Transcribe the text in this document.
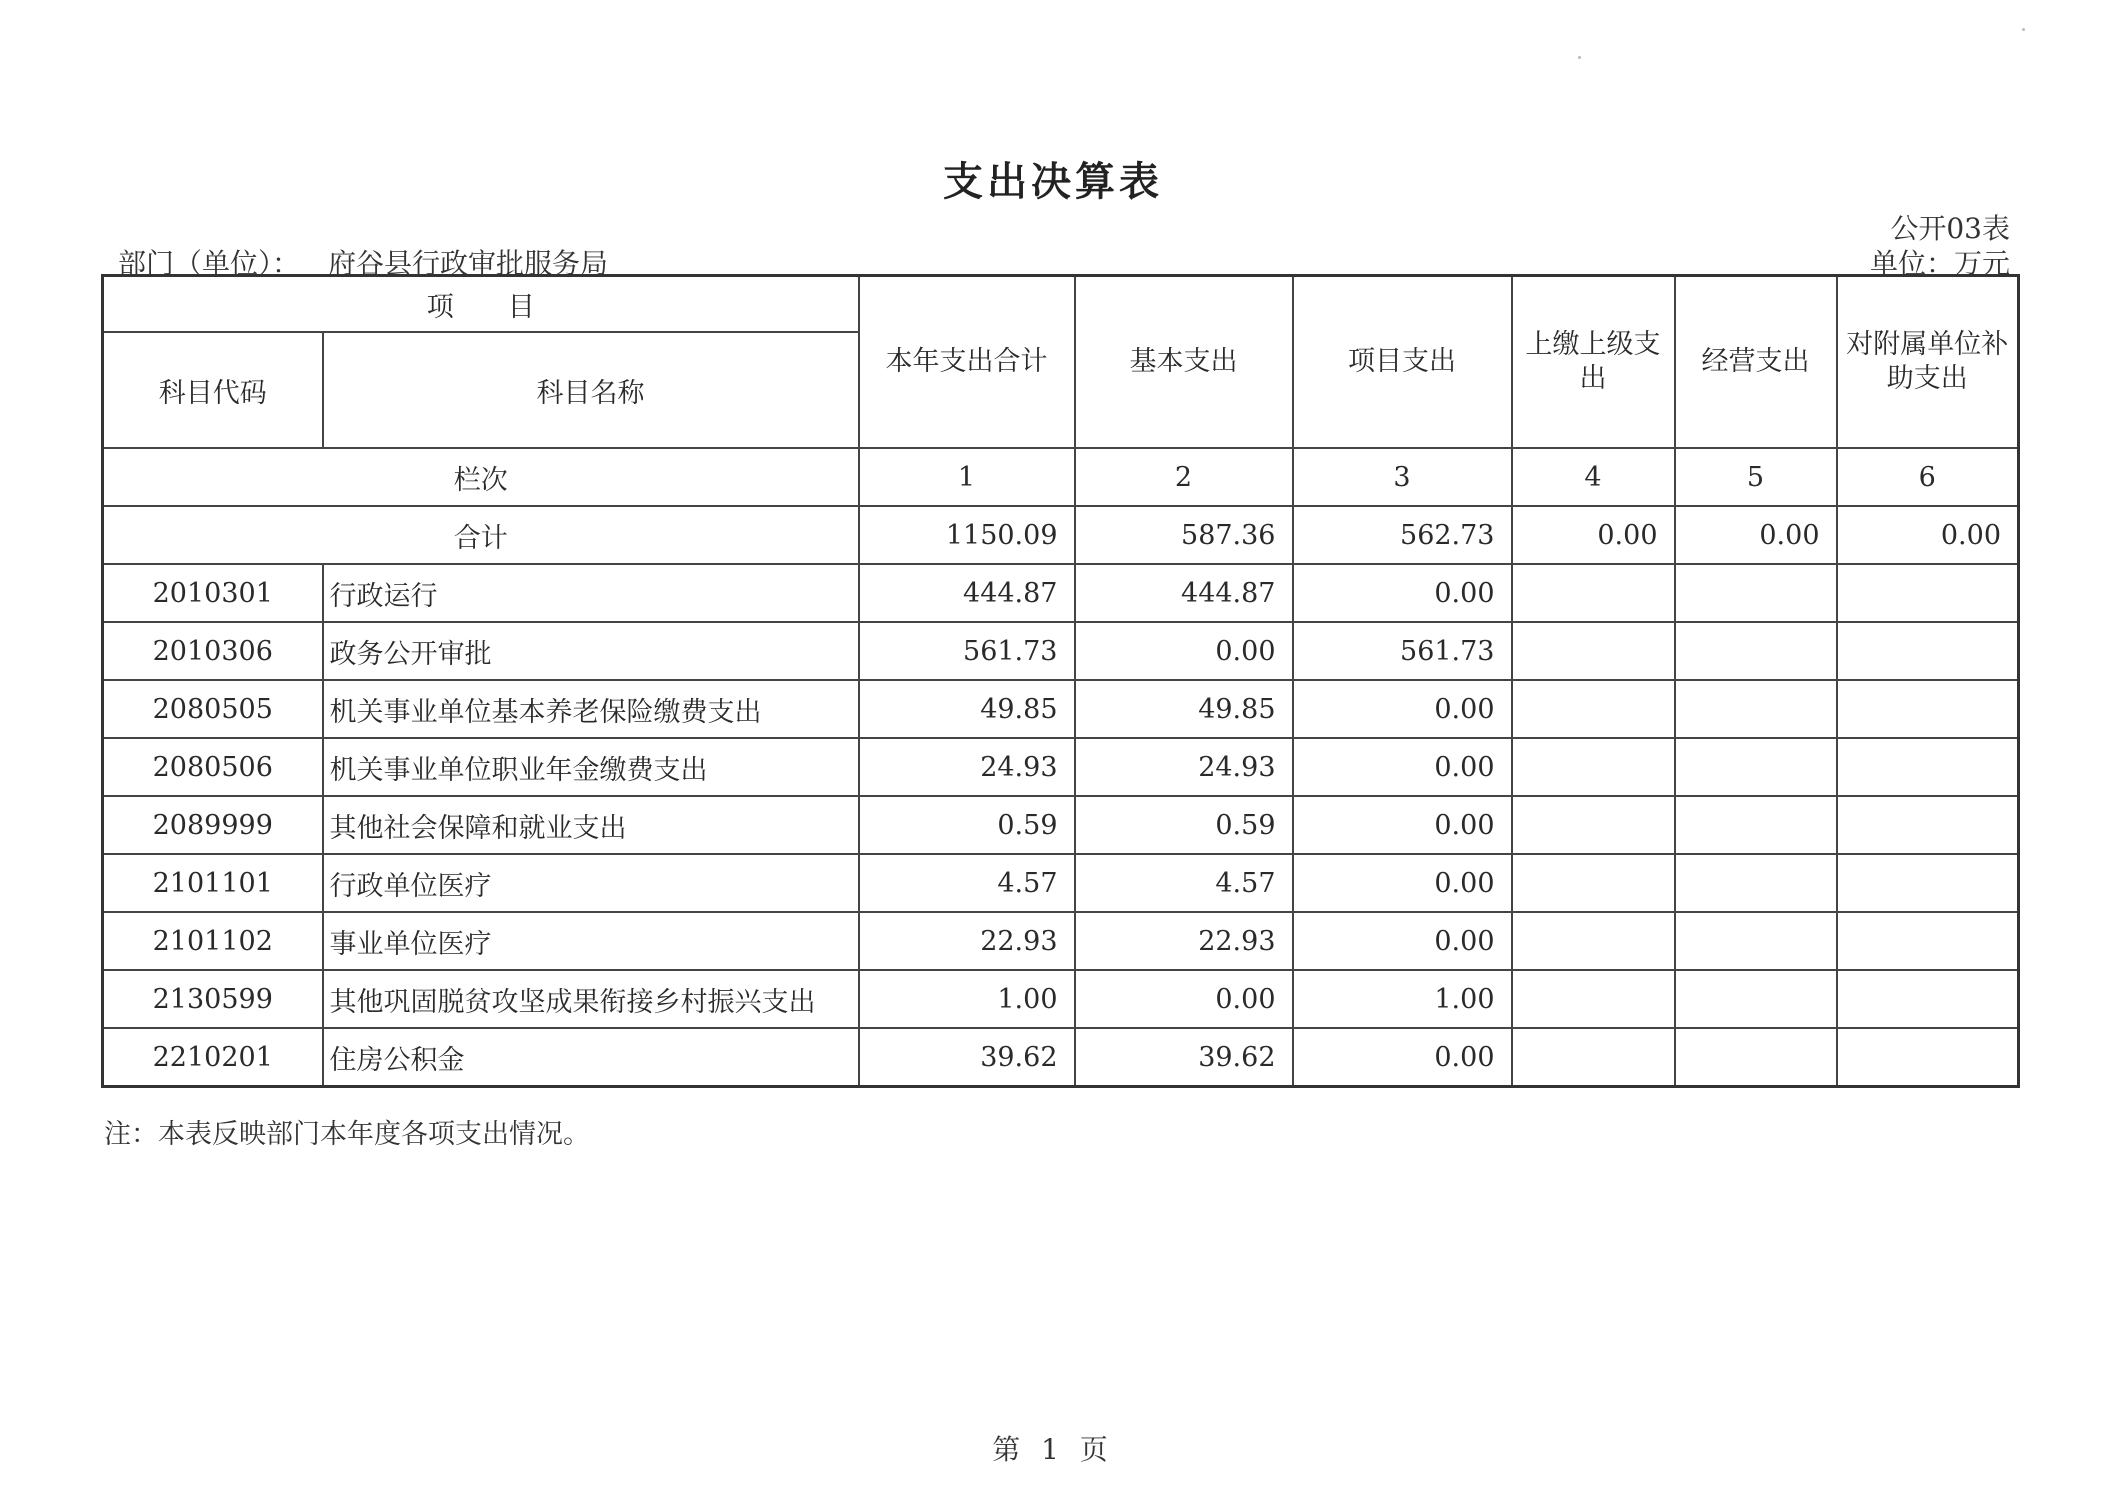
支出决算表
公开03表
部门（单位）： 府谷县行政审批服务局	单位：万元
项　　目		本年支出合计	基本支出	项目支出	上缴上级支出	经营支出	对附属单位补助支出
科目代码	科目名称						
栏次		1	2	3	4	5	6
合计		1150.09	587.36	562.73	0.00	0.00	0.00
2010301	行政运行	444.87	444.87	0.00			
2010306	政务公开审批	561.73	0.00	561.73			
2080505	机关事业单位基本养老保险缴费支出	49.85	49.85	0.00			
2080506	机关事业单位职业年金缴费支出	24.93	24.93	0.00			
2089999	其他社会保障和就业支出	0.59	0.59	0.00			
2101101	行政单位医疗	4.57	4.57	0.00			
2101102	事业单位医疗	22.93	22.93	0.00			
2130599	其他巩固脱贫攻坚成果衔接乡村振兴支出	1.00	0.00	1.00			
2210201	住房公积金	39.62	39.62	0.00			
注：本表反映部门本年度各项支出情况。
第 1 页
